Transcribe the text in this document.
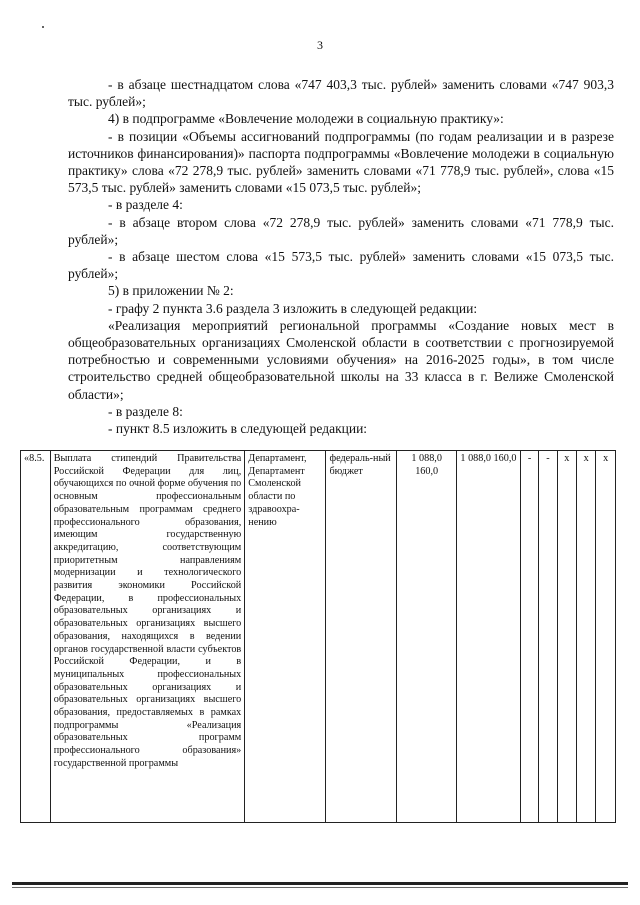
3

- в абзаце шестнадцатом слова «747 403,3 тыс. рублей» заменить словами «747 903,3 тыс. рублей»;

4) в подпрограмме «Вовлечение молодежи в социальную практику»:

- в позиции «Объемы ассигнований подпрограммы (по годам реализации и в разрезе источников финансирования)» паспорта подпрограммы «Вовлечение молодежи в социальную практику» слова «72 278,9 тыс. рублей» заменить словами «71 778,9 тыс. рублей», слова «15 573,5 тыс. рублей» заменить словами «15 073,5 тыс. рублей»;

- в разделе 4:

- в абзаце втором слова «72 278,9 тыс. рублей» заменить словами «71 778,9 тыс. рублей»;

- в абзаце шестом слова «15 573,5 тыс. рублей» заменить словами «15 073,5 тыс. рублей»;

5) в приложении № 2:

- графу 2 пункта 3.6 раздела 3 изложить в следующей редакции:

«Реализация мероприятий региональной программы «Создание новых мест в общеобразовательных организациях Смоленской области в соответствии с прогнозируемой потребностью и современными условиями обучения» на 2016-2025 годы», в том числе строительство средней общеобразовательной школы на 33 класса в г. Велиже Смоленской области»;

- в разделе 8:

- пункт 8.5 изложить в следующей редакции:

«8.5.	Выплата стипендий Правительства Российской Федерации для лиц, обучающихся по очной форме обучения по основным профессиональным образовательным программам среднего профессионального образования, имеющим государственную аккредитацию, соответствующим приоритетным направлениям модернизации и технологического развития экономики Российской Федерации, в профессиональных образовательных организациях и образовательных организациях высшего образования, находящихся в ведении органов государственной власти субъектов Российской Федерации, и в муниципальных профессиональных образовательных организациях и образовательных организациях высшего образования, предоставляемых в рамках подпрограммы «Реализация образовательных программ профессионального образования» государственной программы	Департамент, Департамент Смоленской области по здравоохра-нению	федераль-ный бюджет	1 088,0 160,0	1 088,0 160,0	-	-	x	x	x
